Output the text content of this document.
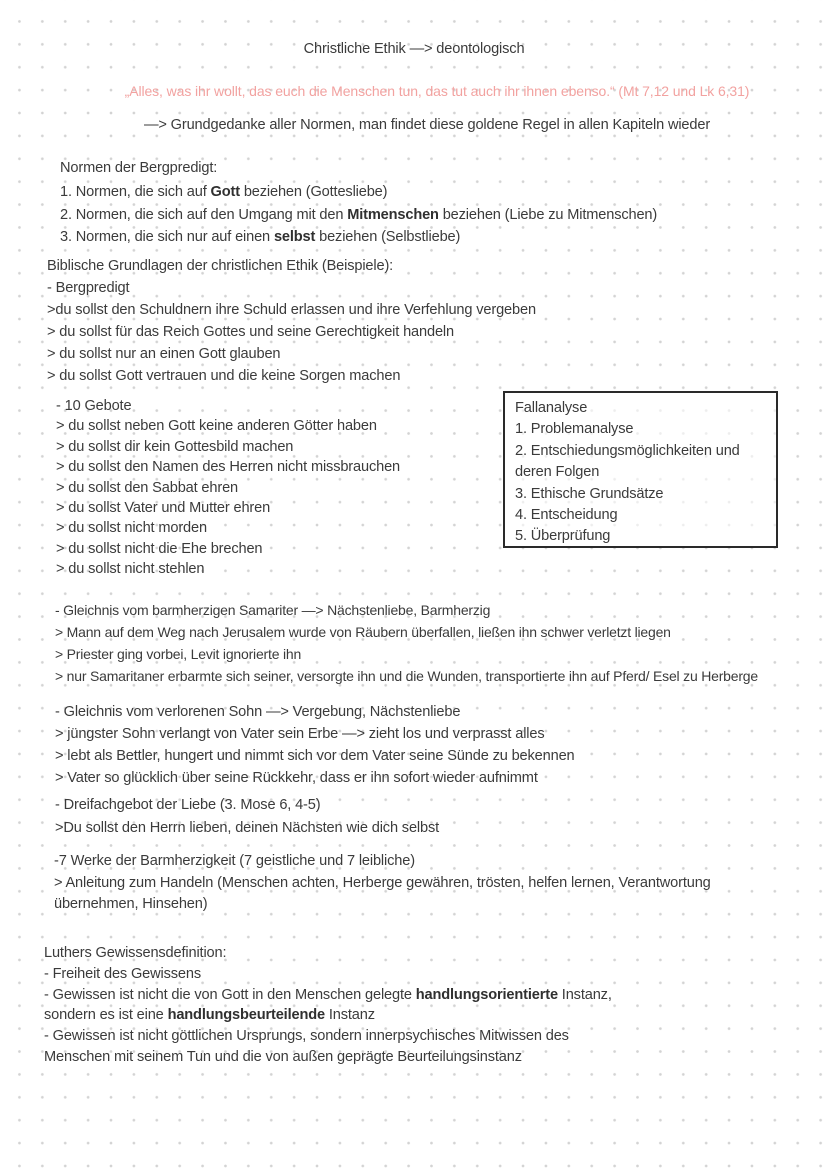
Christliche Ethik —> deontologisch
„Alles, was ihr wollt, das euch die Menschen tun, das tut auch ihr ihnen ebenso.“ (Mt 7,12 und Lk 6,31)
—> Grundgedanke aller Normen, man findet diese goldene Regel in allen Kapiteln wieder
Normen der Bergpredigt:
1. Normen, die sich auf Gott beziehen (Gottesliebe)
2. Normen, die sich auf den Umgang mit den Mitmenschen beziehen (Liebe zu Mitmenschen)
3. Normen, die sich nur auf einen selbst beziehen (Selbstliebe)
Biblische Grundlagen der christlichen Ethik (Beispiele):
- Bergpredigt
>du sollst den Schuldnern ihre Schuld erlassen und ihre Verfehlung vergeben
> du sollst für das Reich Gottes und seine Gerechtigkeit handeln
> du sollst nur an einen Gott glauben
> du sollst Gott vertrauen und die keine Sorgen machen
- 10 Gebote
> du sollst neben Gott keine anderen Götter haben
> du sollst dir kein Gottesbild machen
> du sollst den Namen des Herren nicht missbrauchen
> du sollst den Sabbat ehren
> du sollst Vater und Mutter ehren
> du sollst nicht morden
> du sollst nicht die Ehe brechen
> du sollst nicht stehlen
Fallanalyse
1. Problemanalyse
2. Entschiedungsmöglichkeiten und deren Folgen
3. Ethische Grundsätze
4. Entscheidung
5. Überprüfung
- Gleichnis vom barmherzigen Samariter —> Nächstenliebe, Barmherzig
> Mann auf dem Weg nach Jerusalem wurde von Räubern überfallen, ließen ihn schwer verletzt liegen
> Priester ging vorbei, Levit ignorierte ihn
> nur Samaritaner erbarmte sich seiner, versorgte ihn und die Wunden, transportierte ihn auf Pferd/ Esel zu Herberge
- Gleichnis vom verlorenen Sohn —> Vergebung, Nächstenliebe
> jüngster Sohn verlangt von Vater sein Erbe —> zieht los und verprasst alles
> lebt als Bettler, hungert und nimmt sich vor dem Vater seine Sünde zu bekennen
> Vater so glücklich über seine Rückkehr, dass er ihn sofort wieder aufnimmt
- Dreifachgebot der Liebe (3. Mose 6, 4-5)
>Du sollst den Herrn lieben, deinen Nächsten wie dich selbst
-7 Werke der Barmherzigkeit (7 geistliche und 7 leibliche)
> Anleitung zum Handeln (Menschen achten, Herberge gewähren, trösten, helfen lernen, Verantwortung übernehmen, Hinsehen)
Luthers Gewissensdefinition:
- Freiheit des Gewissens
- Gewissen ist nicht die von Gott in den Menschen gelegte handlungsorientierte Instanz,
sondern es ist eine handlungsbeurteilende Instanz
- Gewissen ist nicht göttlichen Ursprungs, sondern innerpsychisches Mitwissen des
Menschen mit seinem Tun und die von außen geprägte Beurteilungsinstanz
